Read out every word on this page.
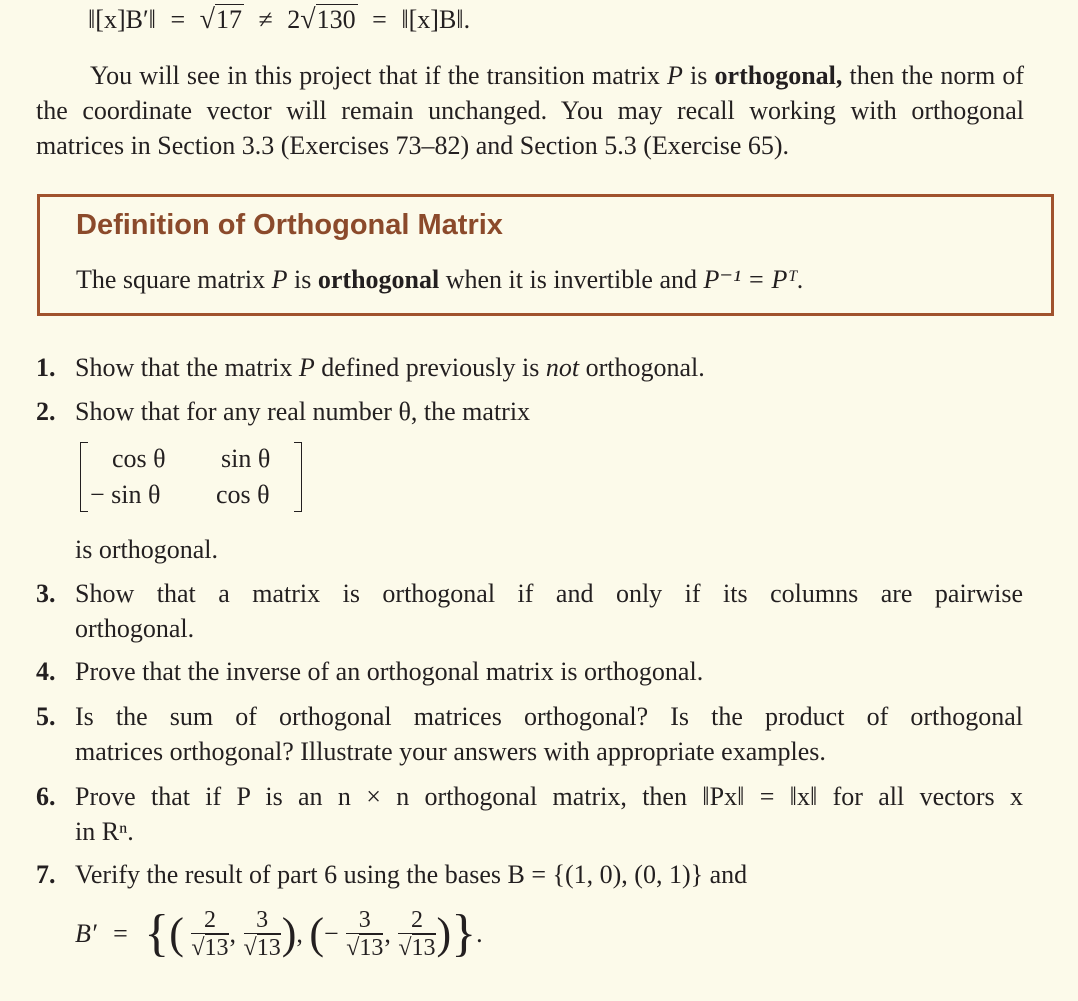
‖[x]B′‖ = √17 ≠ 2√130 = ‖[x]B‖.
You will see in this project that if the transition matrix P is orthogonal, then the norm of the coordinate vector will remain unchanged. You may recall working with orthogonal matrices in Section 3.3 (Exercises 73–82) and Section 5.3 (Exercise 65).
Definition of Orthogonal Matrix
The square matrix P is orthogonal when it is invertible and P⁻¹ = Pᵀ.
1. Show that the matrix P defined previously is not orthogonal.
2. Show that for any real number θ, the matrix
cos θ sin θ
− sin θ cos θ
is orthogonal.
3. Show that a matrix is orthogonal if and only if its columns are pairwise
orthogonal.
4. Prove that the inverse of an orthogonal matrix is orthogonal.
5. Is the sum of orthogonal matrices orthogonal? Is the product of orthogonal
matrices orthogonal? Illustrate your answers with appropriate examples.
6. Prove that if P is an n × n orthogonal matrix, then ‖Px‖ = ‖x‖ for all vectors x
in Rⁿ.
7. Verify the result of part 6 using the bases B = {(1, 0), (0, 1)} and
B′ = {( $\frac{2}{√13}$ , $\frac{3}{√13}$ ), (− $\frac{3}{√13}$ , $\frac{2}{√13}$ )}.
